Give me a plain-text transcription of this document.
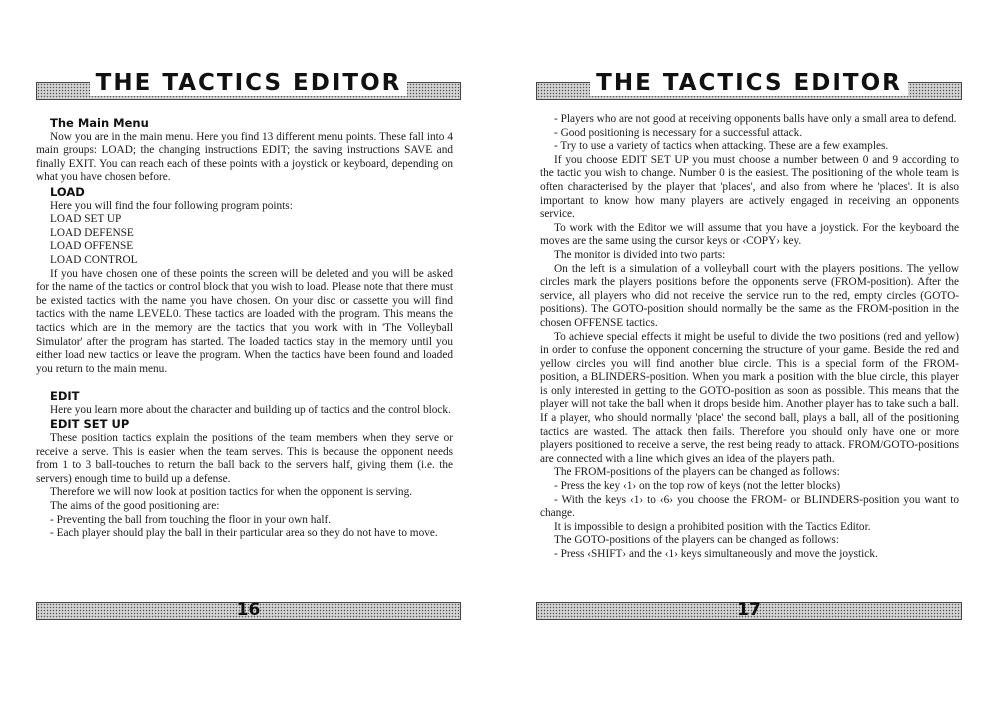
THE TACTICS EDITOR
The Main Menu

Now you are in the main menu. Here you find 13 different menu points. These fall into 4 main groups: LOAD; the changing instructions EDIT; the saving instructions SAVE and finally EXIT. You can reach each of these points with a joystick or keyboard, depending on what you have chosen before.

LOAD
Here you will find the four following program points:
LOAD SET UP
LOAD DEFENSE
LOAD OFFENSE
LOAD CONTROL

If you have chosen one of these points the screen will be deleted and you will be asked for the name of the tactics or control block that you wish to load. Please note that there must be existed tactics with the name you have chosen. On your disc or cassette you will find tactics with the name LEVEL0. These tactics are loaded with the program. This means the tactics which are in the memory are the tactics that you work with in 'The Volleyball Simulator' after the program has started. The loaded tactics stay in the memory until you either load new tactics or leave the program. When the tactics have been found and loaded you return to the main menu.

EDIT

Here you learn more about the character and building up of tactics and the control block.

EDIT SET UP

These position tactics explain the positions of the team members when they serve or receive a serve. This is easier when the team serves. This is because the opponent needs from 1 to 3 ball-touches to return the ball back to the servers half, giving them (i.e. the servers) enough time to build up a defense.

Therefore we will now look at position tactics for when the opponent is serving.

The aims of the good positioning are:

- Preventing the ball from touching the floor in your own half.

- Each player should play the ball in their particular area so they do not have to move.

16
THE TACTICS EDITOR

- Players who are not good at receiving opponents balls have only a small area to defend.

- Good positioning is necessary for a successful attack.

- Try to use a variety of tactics when attacking. These are a few examples.

If you choose EDIT SET UP you must choose a number between 0 and 9 according to the tactic you wish to change. Number 0 is the easiest. The positioning of the whole team is often characterised by the player that 'places', and also from where he 'places'. It is also important to know how many players are actively engaged in receiving an opponents service.

To work with the Editor we will assume that you have a joystick. For the keyboard the moves are the same using the cursor keys or ‹COPY› key.

The monitor is divided into two parts:

On the left is a simulation of a volleyball court with the players positions. The yellow circles mark the players positions before the opponents serve (FROM-position). After the service, all players who did not receive the service run to the red, empty circles (GOTO-positions). The GOTO-position should normally be the same as the FROM-position in the chosen OFFENSE tactics.

To achieve special effects it might be useful to divide the two positions (red and yellow) in order to confuse the opponent concerning the structure of your game. Beside the red and yellow circles you will find another blue circle. This is a special form of the FROM-position, a BLINDERS-position. When you mark a position with the blue circle, this player is only interested in getting to the GOTO-position as soon as possible. This means that the player will not take the ball when it drops beside him. Another player has to take such a ball. If a player, who should normally 'place' the second ball, plays a ball, all of the positioning tactics are wasted. The attack then fails. Therefore you should only have one or more players positioned to receive a serve, the rest being ready to attack. FROM/GOTO-positions are connected with a line which gives an idea of the players path.

The FROM-positions of the players can be changed as follows:

- Press the key ‹1› on the top row of keys (not the letter blocks)

- With the keys ‹1› to ‹6› you choose the FROM- or BLINDERS-position you want to change.

It is impossible to design a prohibited position with the Tactics Editor.

The GOTO-positions of the players can be changed as follows:

- Press ‹SHIFT› and the ‹1› keys simultaneously and move the joystick.

17
